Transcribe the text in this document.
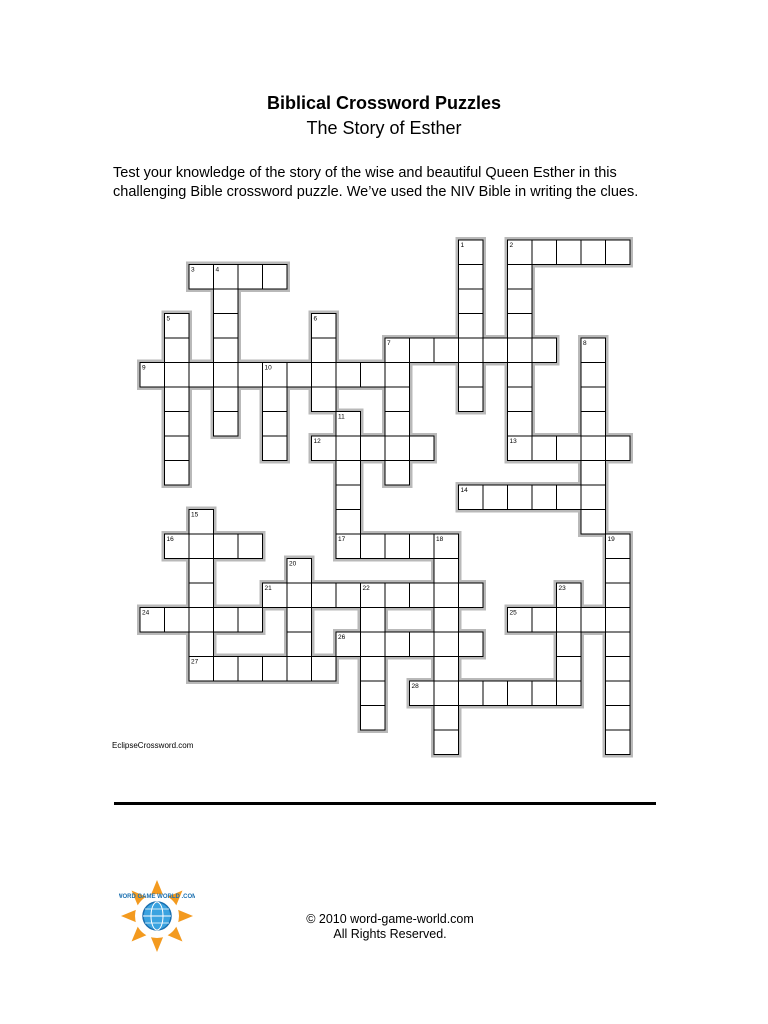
Biblical Crossword Puzzles
The Story of Esther
Test your knowledge of the story of the wise and beautiful Queen Esther in this challenging Bible crossword puzzle. We’ve used the NIV Bible in writing the clues.
1	2
3	4
5	6
7	8
9	10
11
12	13
14
15
16	17	18	19
20
21	22	23
24	25
26
27
28
EclipseCrossword.com
WORD GAME WORLD .COM
© 2010 word-game-world.com
All Rights Reserved.
